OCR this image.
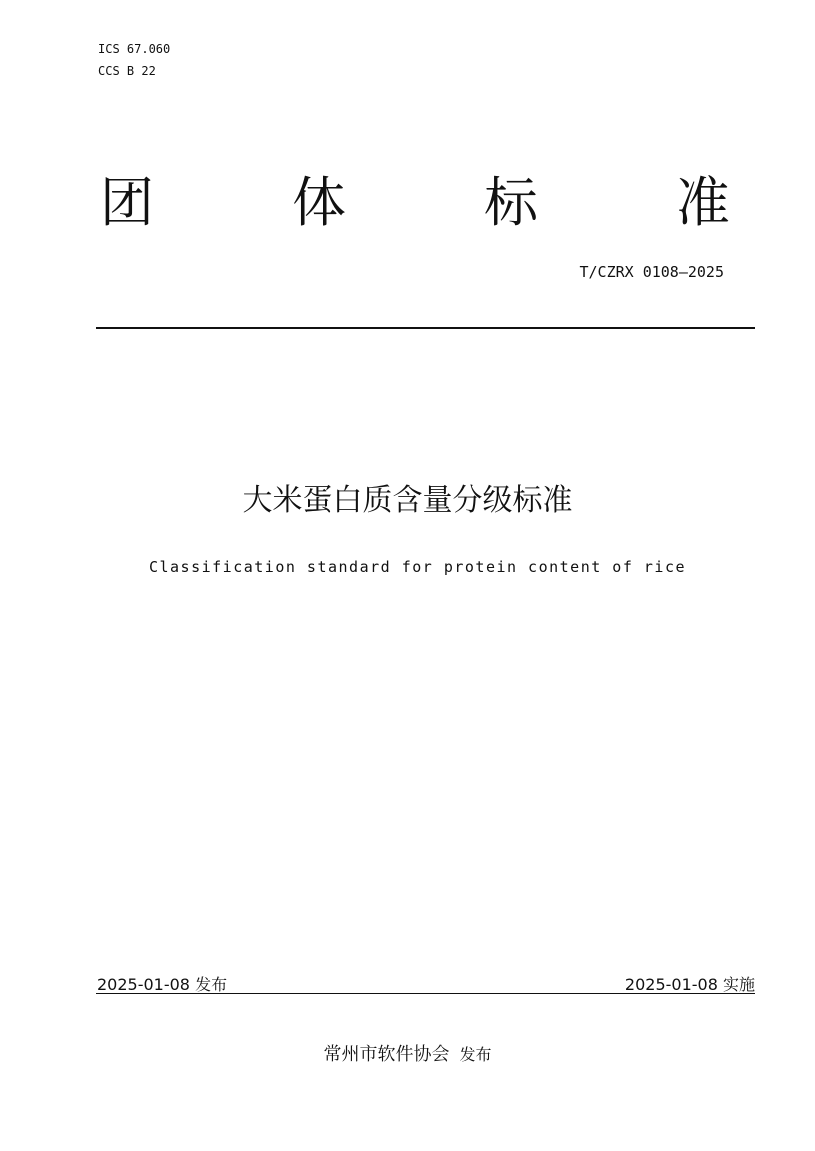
ICS 67.060
CCS B 22
团	体	标	准
T/CZRX 0108—2025
大米蛋白质含量分级标准
Classification standard for protein content of rice
2025-01-08 发布	2025-01-08 实施
常州市软件协会 发布
